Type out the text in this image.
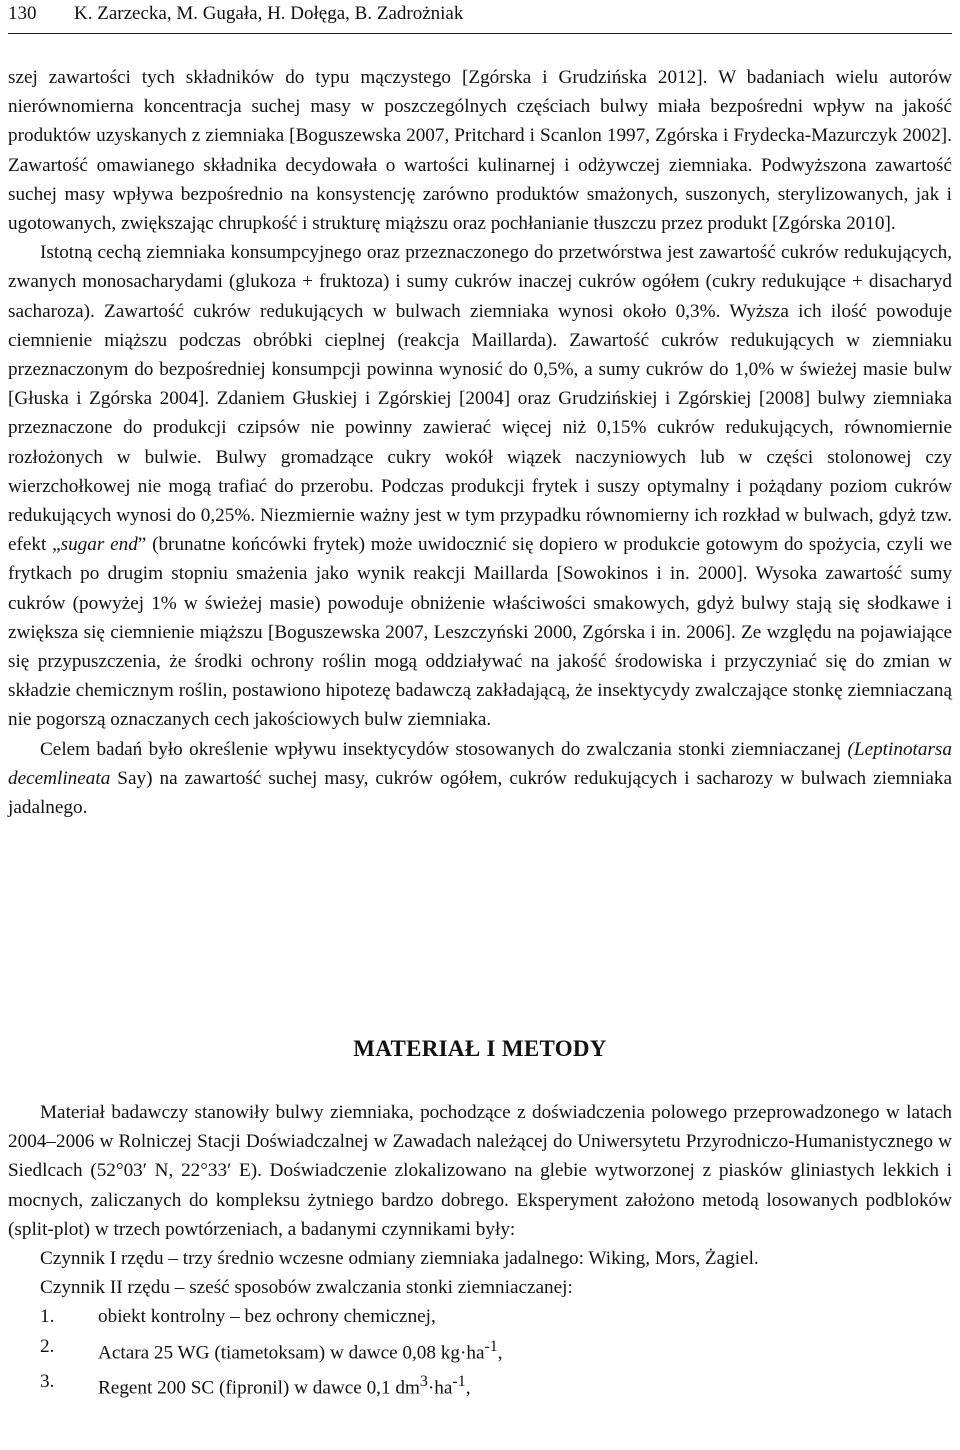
130 K. Zarzecka, M. Gugała, H. Dołęga, B. Zadrożniak

szej zawartości tych składników do typu mączystego [Zgórska i Grudzińska 2012]. W badaniach wielu autorów nierównomierna koncentracja suchej masy w poszczególnych częściach bulwy miała bezpośredni wpływ na jakość produktów uzyskanych z ziemniaka [Boguszewska 2007, Pritchard i Scanlon 1997, Zgórska i Frydecka-Mazurczyk 2002]. Zawartość omawianego składnika decydowała o wartości kulinarnej i odżywczej ziemniaka. Podwyższona zawartość suchej masy wpływa bezpośrednio na konsystencję zarówno produktów smażonych, suszonych, sterylizowanych, jak i ugotowanych, zwiększając chrupkość i strukturę miąższu oraz pochłanianie tłuszczu przez produkt [Zgórska 2010].

Istotną cechą ziemniaka konsumpcyjnego oraz przeznaczonego do przetwórstwa jest zawartość cukrów redukujących, zwanych monosacharydami (glukoza + fruktoza) i sumy cukrów inaczej cukrów ogółem (cukry redukujące + disacharyd sacharoza). Zawartość cukrów redukujących w bulwach ziemniaka wynosi około 0,3%. Wyższa ich ilość powoduje ciemnienie miąższu podczas obróbki cieplnej (reakcja Maillarda). Zawartość cukrów redukujących w ziemniaku przeznaczonym do bezpośredniej konsumpcji powinna wynosić do 0,5%, a sumy cukrów do 1,0% w świeżej masie bulw [Głuska i Zgórska 2004]. Zdaniem Głuskiej i Zgórskiej [2004] oraz Grudzińskiej i Zgórskiej [2008] bulwy ziemniaka przeznaczone do produkcji czipsów nie powinny zawierać więcej niż 0,15% cukrów redukujących, równomiernie rozłożonych w bulwie. Bulwy gromadzące cukry wokół wiązek naczyniowych lub w części stolonowej czy wierzchołkowej nie mogą trafiać do przerobu. Podczas produkcji frytek i suszy optymalny i pożądany poziom cukrów redukujących wynosi do 0,25%. Niezmiernie ważny jest w tym przypadku równomierny ich rozkład w bulwach, gdyż tzw. efekt „sugar end” (brunatne końcówki frytek) może uwidocznić się dopiero w produkcie gotowym do spożycia, czyli we frytkach po drugim stopniu smażenia jako wynik reakcji Maillarda [Sowokinos i in. 2000]. Wysoka zawartość sumy cukrów (powyżej 1% w świeżej masie) powoduje obniżenie właściwości smakowych, gdyż bulwy stają się słodkawe i zwiększa się ciemnienie miąższu [Boguszewska 2007, Leszczyński 2000, Zgórska i in. 2006]. Ze względu na pojawiające się przypuszczenia, że środki ochrony roślin mogą oddziaływać na jakość środowiska i przyczyniać się do zmian w składzie chemicznym roślin, postawiono hipotezę badawczą zakładającą, że insektycydy zwalczające stonkę ziemniaczaną nie pogorszą oznaczanych cech jakościowych bulw ziemniaka.

Celem badań było określenie wpływu insektycydów stosowanych do zwalczania stonki ziemniaczanej (Leptinotarsa decemlineata Say) na zawartość suchej masy, cukrów ogółem, cukrów redukujących i sacharozy w bulwach ziemniaka jadalnego.

MATERIAŁ I METODY

Materiał badawczy stanowiły bulwy ziemniaka, pochodzące z doświadczenia polowego przeprowadzonego w latach 2004–2006 w Rolniczej Stacji Doświadczalnej w Zawadach należącej do Uniwersytetu Przyrodniczo-Humanistycznego w Siedlcach (52°03′ N, 22°33′ E). Doświadczenie zlokalizowano na glebie wytworzonej z piasków gliniastych lekkich i mocnych, zaliczanych do kompleksu żytniego bardzo dobrego. Eksperyment założono metodą losowanych podbloków (split-plot) w trzech powtórzeniach, a badanymi czynnikami były:

Czynnik I rzędu – trzy średnio wczesne odmiany ziemniaka jadalnego: Wiking, Mors, Żagiel.

Czynnik II rzędu – sześć sposobów zwalczania stonki ziemniaczanej:

1.	obiekt kontrolny – bez ochrony chemicznej,
2.	Actara 25 WG (tiametoksam) w dawce 0,08 $kg\cdot ha^{-1}$,
3.	Regent 200 SC (fipronil) w dawce 0,1 $dm^3\cdot ha^{-1}$,
